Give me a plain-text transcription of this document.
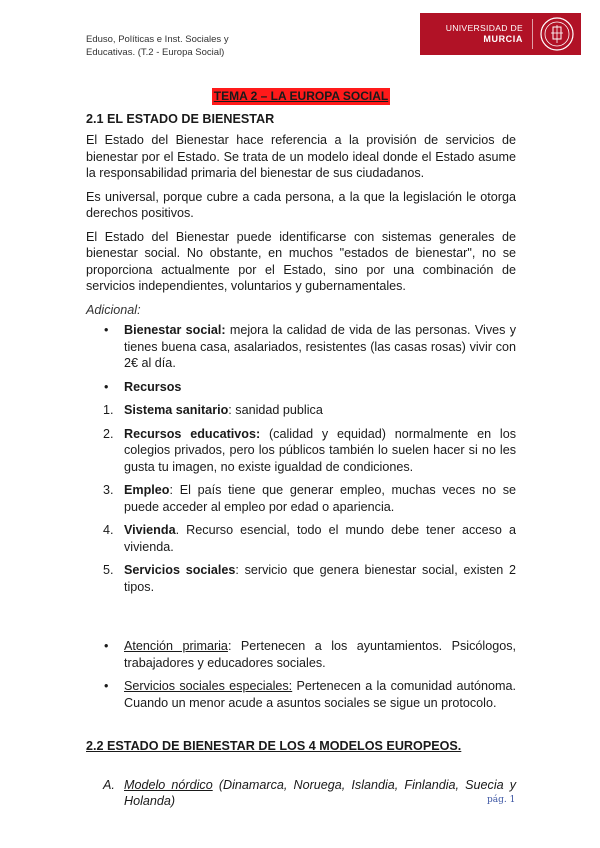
Eduso, Políticas e Inst. Sociales y
Educativas. (T.2 - Europa Social)
UNIVERSIDAD DE
MURCIA
TEMA 2 – LA EUROPA SOCIAL
2.1 EL ESTADO DE BIENESTAR

El Estado del Bienestar hace referencia a la provisión de servicios de bienestar por el Estado. Se trata de un modelo ideal donde el Estado asume la responsabilidad primaria del bienestar de sus ciudadanos.

Es universal, porque cubre a cada persona, a la que la legislación le otorga derechos positivos.

El Estado del Bienestar puede identificarse con sistemas generales de bienestar social. No obstante, en muchos "estados de bienestar", no se proporciona actualmente por el Estado, sino por una combinación de servicios independientes, voluntarios y gubernamentales.

Adicional:
• Bienestar social: mejora la calidad de vida de las personas. Vives y tienes buena casa, asalariados, resistentes (las casas rosas) vivir con 2€ al día.
• Recursos
1. Sistema sanitario: sanidad publica
2. Recursos educativos: (calidad y equidad) normalmente en los colegios privados, pero los públicos también lo suelen hacer si no les gusta tu imagen, no existe igualdad de condiciones.
3. Empleo: El país tiene que generar empleo, muchas veces no se puede acceder al empleo por edad o apariencia.
4. Vivienda. Recurso esencial, todo el mundo debe tener acceso a vivienda.
5. Servicios sociales: servicio que genera bienestar social, existen 2 tipos.
• Atención primaria: Pertenecen a los ayuntamientos. Psicólogos, trabajadores y educadores sociales.
• Servicios sociales especiales: Pertenecen a la comunidad autónoma. Cuando un menor acude a asuntos sociales se sigue un protocolo.
2.2 ESTADO DE BIENESTAR DE LOS 4 MODELOS EUROPEOS.
A. Modelo nórdico (Dinamarca, Noruega, Islandia, Finlandia, Suecia y Holanda)	pág. 1
